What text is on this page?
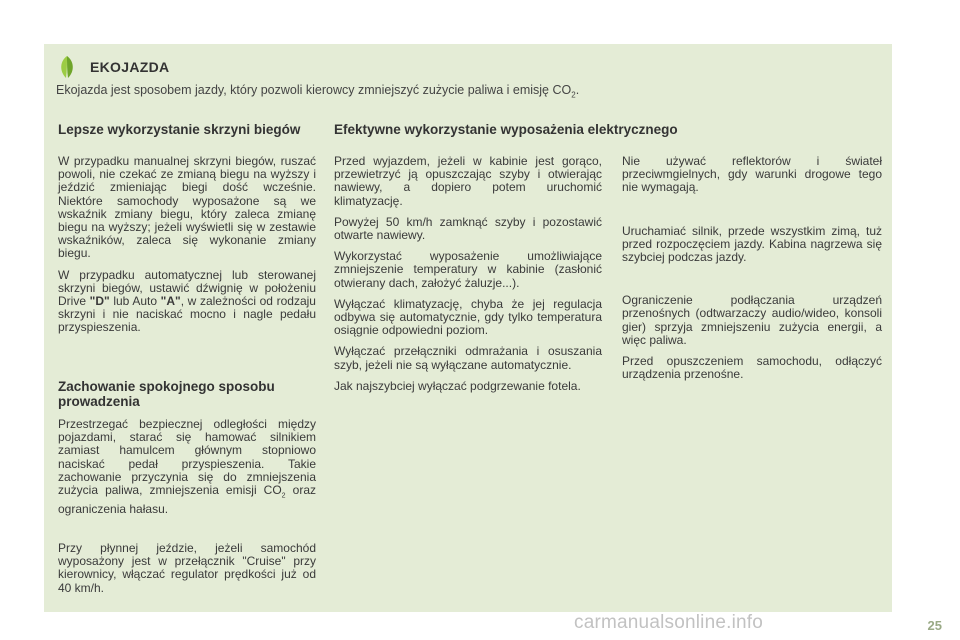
EKOJAZDA
Ekojazda jest sposobem jazdy, który pozwoli kierowcy zmniejszyć zużycie paliwa i emisję $CO_2$.
Lepsze wykorzystanie skrzyni biegów

W przypadku manualnej skrzyni biegów, ruszać powoli, nie czekać ze zmianą biegu na wyższy i jeździć zmieniając biegi dość wcześnie. Niektóre samochody wyposażone są we wskaźnik zmiany biegu, który zaleca zmianę biegu na wyższy; jeżeli wyświetli się w zestawie wskaźników, zaleca się wykonanie zmiany biegu.

W przypadku automatycznej lub sterowanej skrzyni biegów, ustawić dźwignię w położeniu Drive "D" lub Auto "A", w zależności od rodzaju skrzyni i nie naciskać mocno i nagle pedału przyspieszenia.

Zachowanie spokojnego sposobu prowadzenia

Przestrzegać bezpiecznej odległości między pojazdami, starać się hamować silnikiem zamiast hamulcem głównym stopniowo naciskać pedał przyspieszenia. Takie zachowanie przyczynia się do zmniejszenia zużycia paliwa, zmniejszenia emisji $CO_2$ oraz ograniczenia hałasu.

Przy płynnej jeździe, jeżeli samochód wyposażony jest w przełącznik "Cruise" przy kierownicy, włączać regulator prędkości już od 40 km/h.

Efektywne wykorzystanie wyposażenia elektrycznego

Przed wyjazdem, jeżeli w kabinie jest gorąco, przewietrzyć ją opuszczając szyby i otwierając nawiewy, a dopiero potem uruchomić klimatyzację.

Powyżej 50 km/h zamknąć szyby i pozostawić otwarte nawiewy.

Wykorzystać wyposażenie umożliwiające zmniejszenie temperatury w kabinie (zasłonić otwierany dach, założyć żaluzje...).

Wyłączać klimatyzację, chyba że jej regulacja odbywa się automatycznie, gdy tylko temperatura osiągnie odpowiedni poziom.

Wyłączać przełączniki odmrażania i osuszania szyb, jeżeli nie są wyłączane automatycznie.

Jak najszybciej wyłączać podgrzewanie fotela.

Nie używać reflektorów i świateł przeciwmgielnych, gdy warunki drogowe tego nie wymagają.

Uruchamiać silnik, przede wszystkim zimą, tuż przed rozpoczęciem jazdy. Kabina nagrzewa się szybciej podczas jazdy.

Ograniczenie podłączania urządzeń przenośnych (odtwarzaczy audio/wideo, konsoli gier) sprzyja zmniejszeniu zużycia energii, a więc paliwa.

Przed opuszczeniem samochodu, odłączyć urządzenia przenośne.

25
carmanualsonline.info
